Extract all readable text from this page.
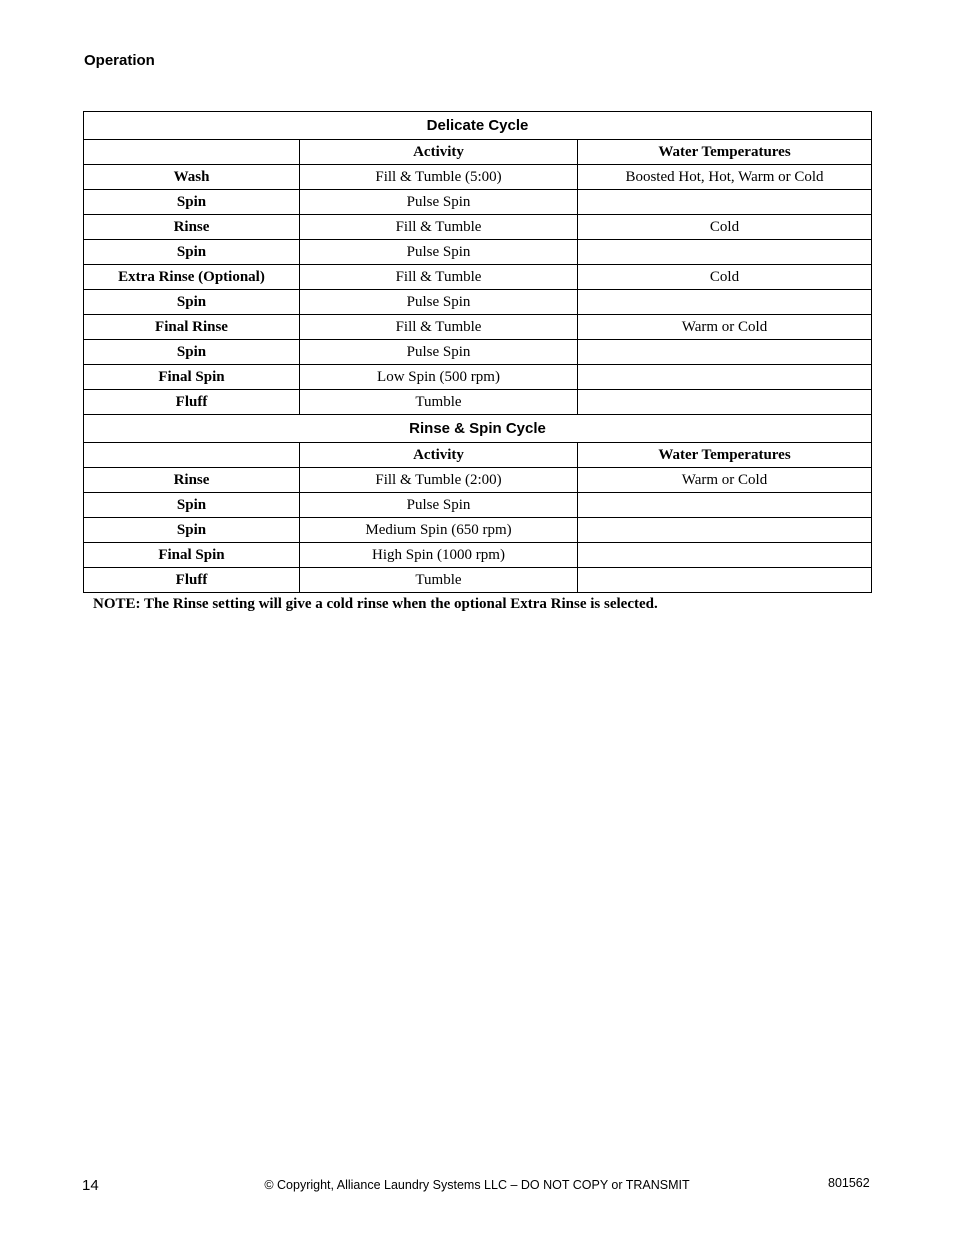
Operation
Delicate Cycle		
	Activity	Water Temperatures
Wash	Fill & Tumble (5:00)	Boosted Hot, Hot, Warm or Cold
Spin	Pulse Spin	
Rinse	Fill & Tumble	Cold
Spin	Pulse Spin	
Extra Rinse (Optional)	Fill & Tumble	Cold
Spin	Pulse Spin	
Final Rinse	Fill & Tumble	Warm or Cold
Spin	Pulse Spin	
Final Spin	Low Spin (500 rpm)	
Fluff	Tumble	
Rinse & Spin Cycle		
	Activity	Water Temperatures
Rinse	Fill & Tumble (2:00)	Warm or Cold
Spin	Pulse Spin	
Spin	Medium Spin (650 rpm)	
Final Spin	High Spin (1000 rpm)	
Fluff	Tumble	
NOTE: The Rinse setting will give a cold rinse when the optional Extra Rinse is selected.
14	© Copyright, Alliance Laundry Systems LLC – DO NOT COPY or TRANSMIT	801562
